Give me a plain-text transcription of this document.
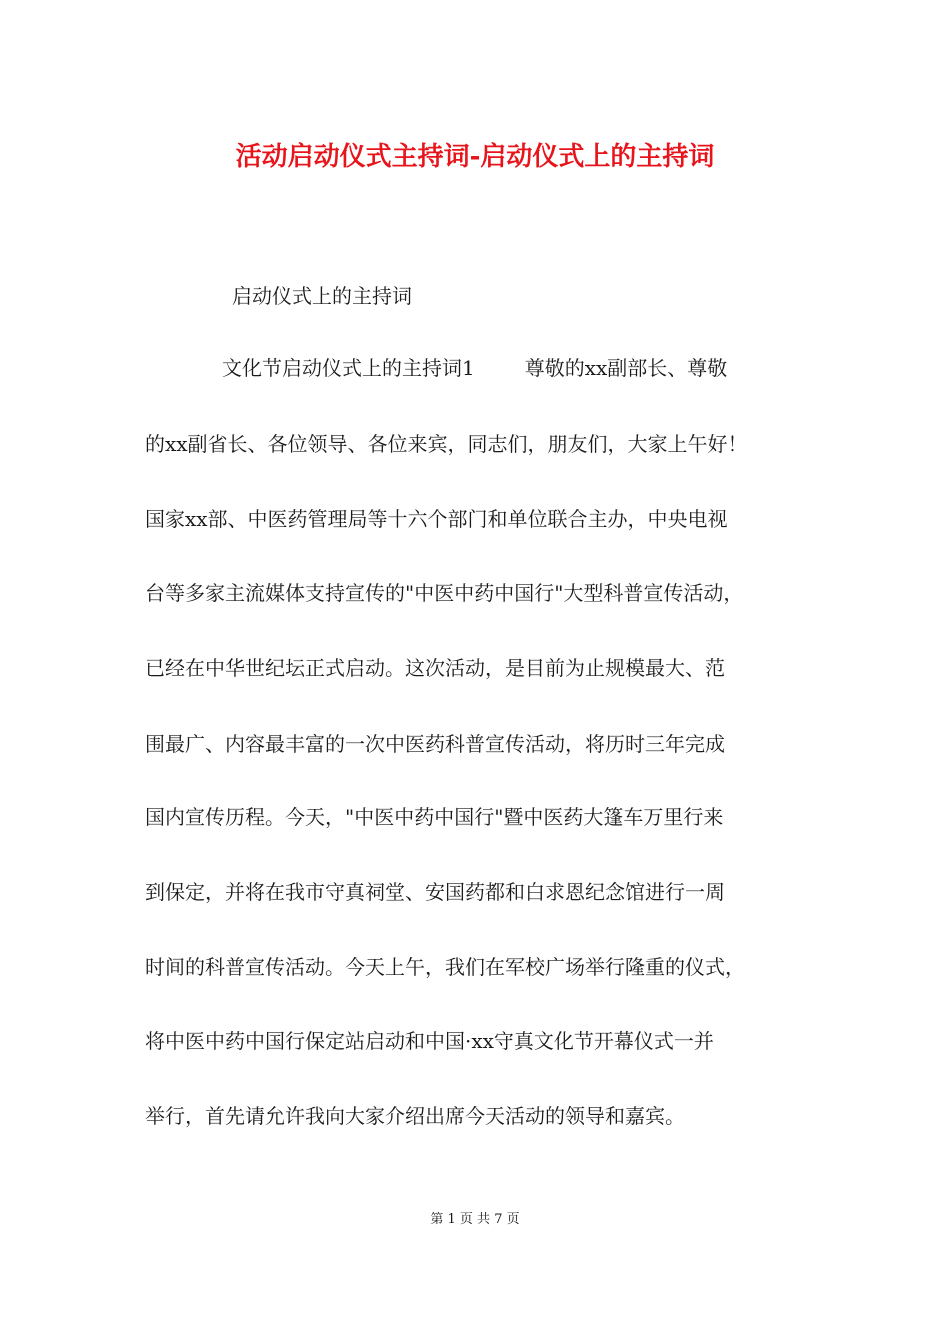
活动启动仪式主持词-启动仪式上的主持词

启动仪式上的主持词

文化节启动仪式上的主持词1	尊敬的xx副部长、尊敬

的xx副省长、各位领导、各位来宾，同志们，朋友们，大家上午好！

国家xx部、中医药管理局等十六个部门和单位联合主办，中央电视

台等多家主流媒体支持宣传的"中医中药中国行"大型科普宣传活动，

已经在中华世纪坛正式启动。这次活动，是目前为止规模最大、范

围最广、内容最丰富的一次中医药科普宣传活动，将历时三年完成

国内宣传历程。今天，"中医中药中国行"暨中医药大篷车万里行来

到保定，并将在我市守真祠堂、安国药都和白求恩纪念馆进行一周

时间的科普宣传活动。今天上午，我们在军校广场举行隆重的仪式，

将中医中药中国行保定站启动和中国·xx守真文化节开幕仪式一并

举行，首先请允许我向大家介绍出席今天活动的领导和嘉宾。

第 1 页 共 7 页
